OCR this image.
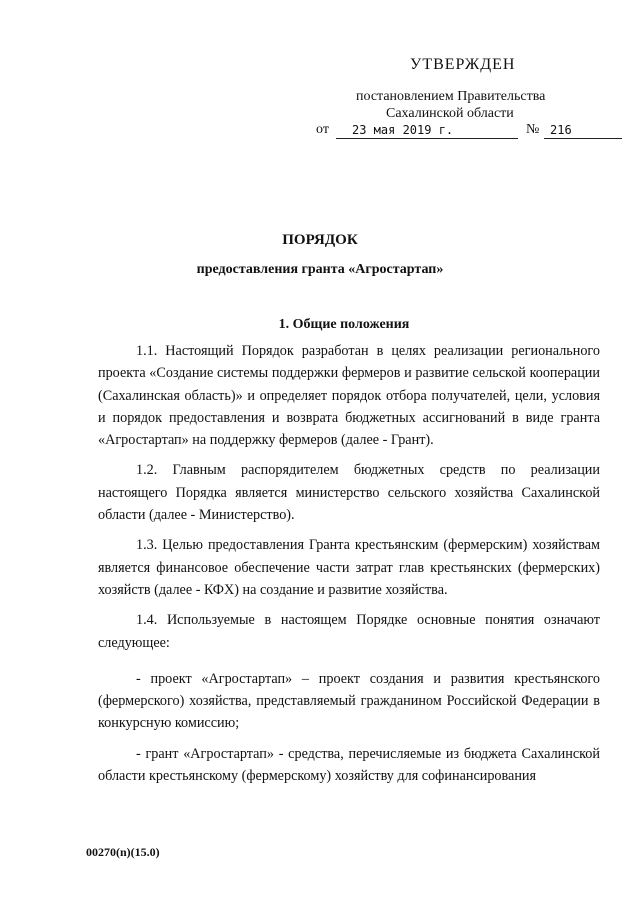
УТВЕРЖДЕН
постановлением Правительства
Сахалинской области
от	23 мая 2019 г.	№ 216
ПОРЯДОК
предоставления гранта «Агростартап»
1. Общие положения

1.1. Настоящий Порядок разработан в целях реализации регионального проекта «Создание системы поддержки фермеров и развитие сельской кооперации (Сахалинская область)» и определяет порядок отбора получателей, цели, условия и порядок предоставления и возврата бюджетных ассигнований в виде гранта «Агростартап» на поддержку фермеров (далее - Грант).

1.2. Главным распорядителем бюджетных средств по реализации настоящего Порядка является министерство сельского хозяйства Сахалинской области (далее - Министерство).

1.3. Целью предоставления Гранта крестьянским (фермерским) хозяйствам является финансовое обеспечение части затрат глав крестьянских (фермерских) хозяйств (далее - КФХ) на создание и развитие хозяйства.

1.4. Используемые в настоящем Порядке основные понятия означают следующее:

- проект «Агростартап» – проект создания и развития крестьянского (фермерского) хозяйства, представляемый гражданином Российской Федерации в конкурсную комиссию;

- грант «Агростартап» - средства, перечисляемые из бюджета Сахалинской области крестьянскому (фермерскому) хозяйству для софинансирования

00270(n)(15.0)
